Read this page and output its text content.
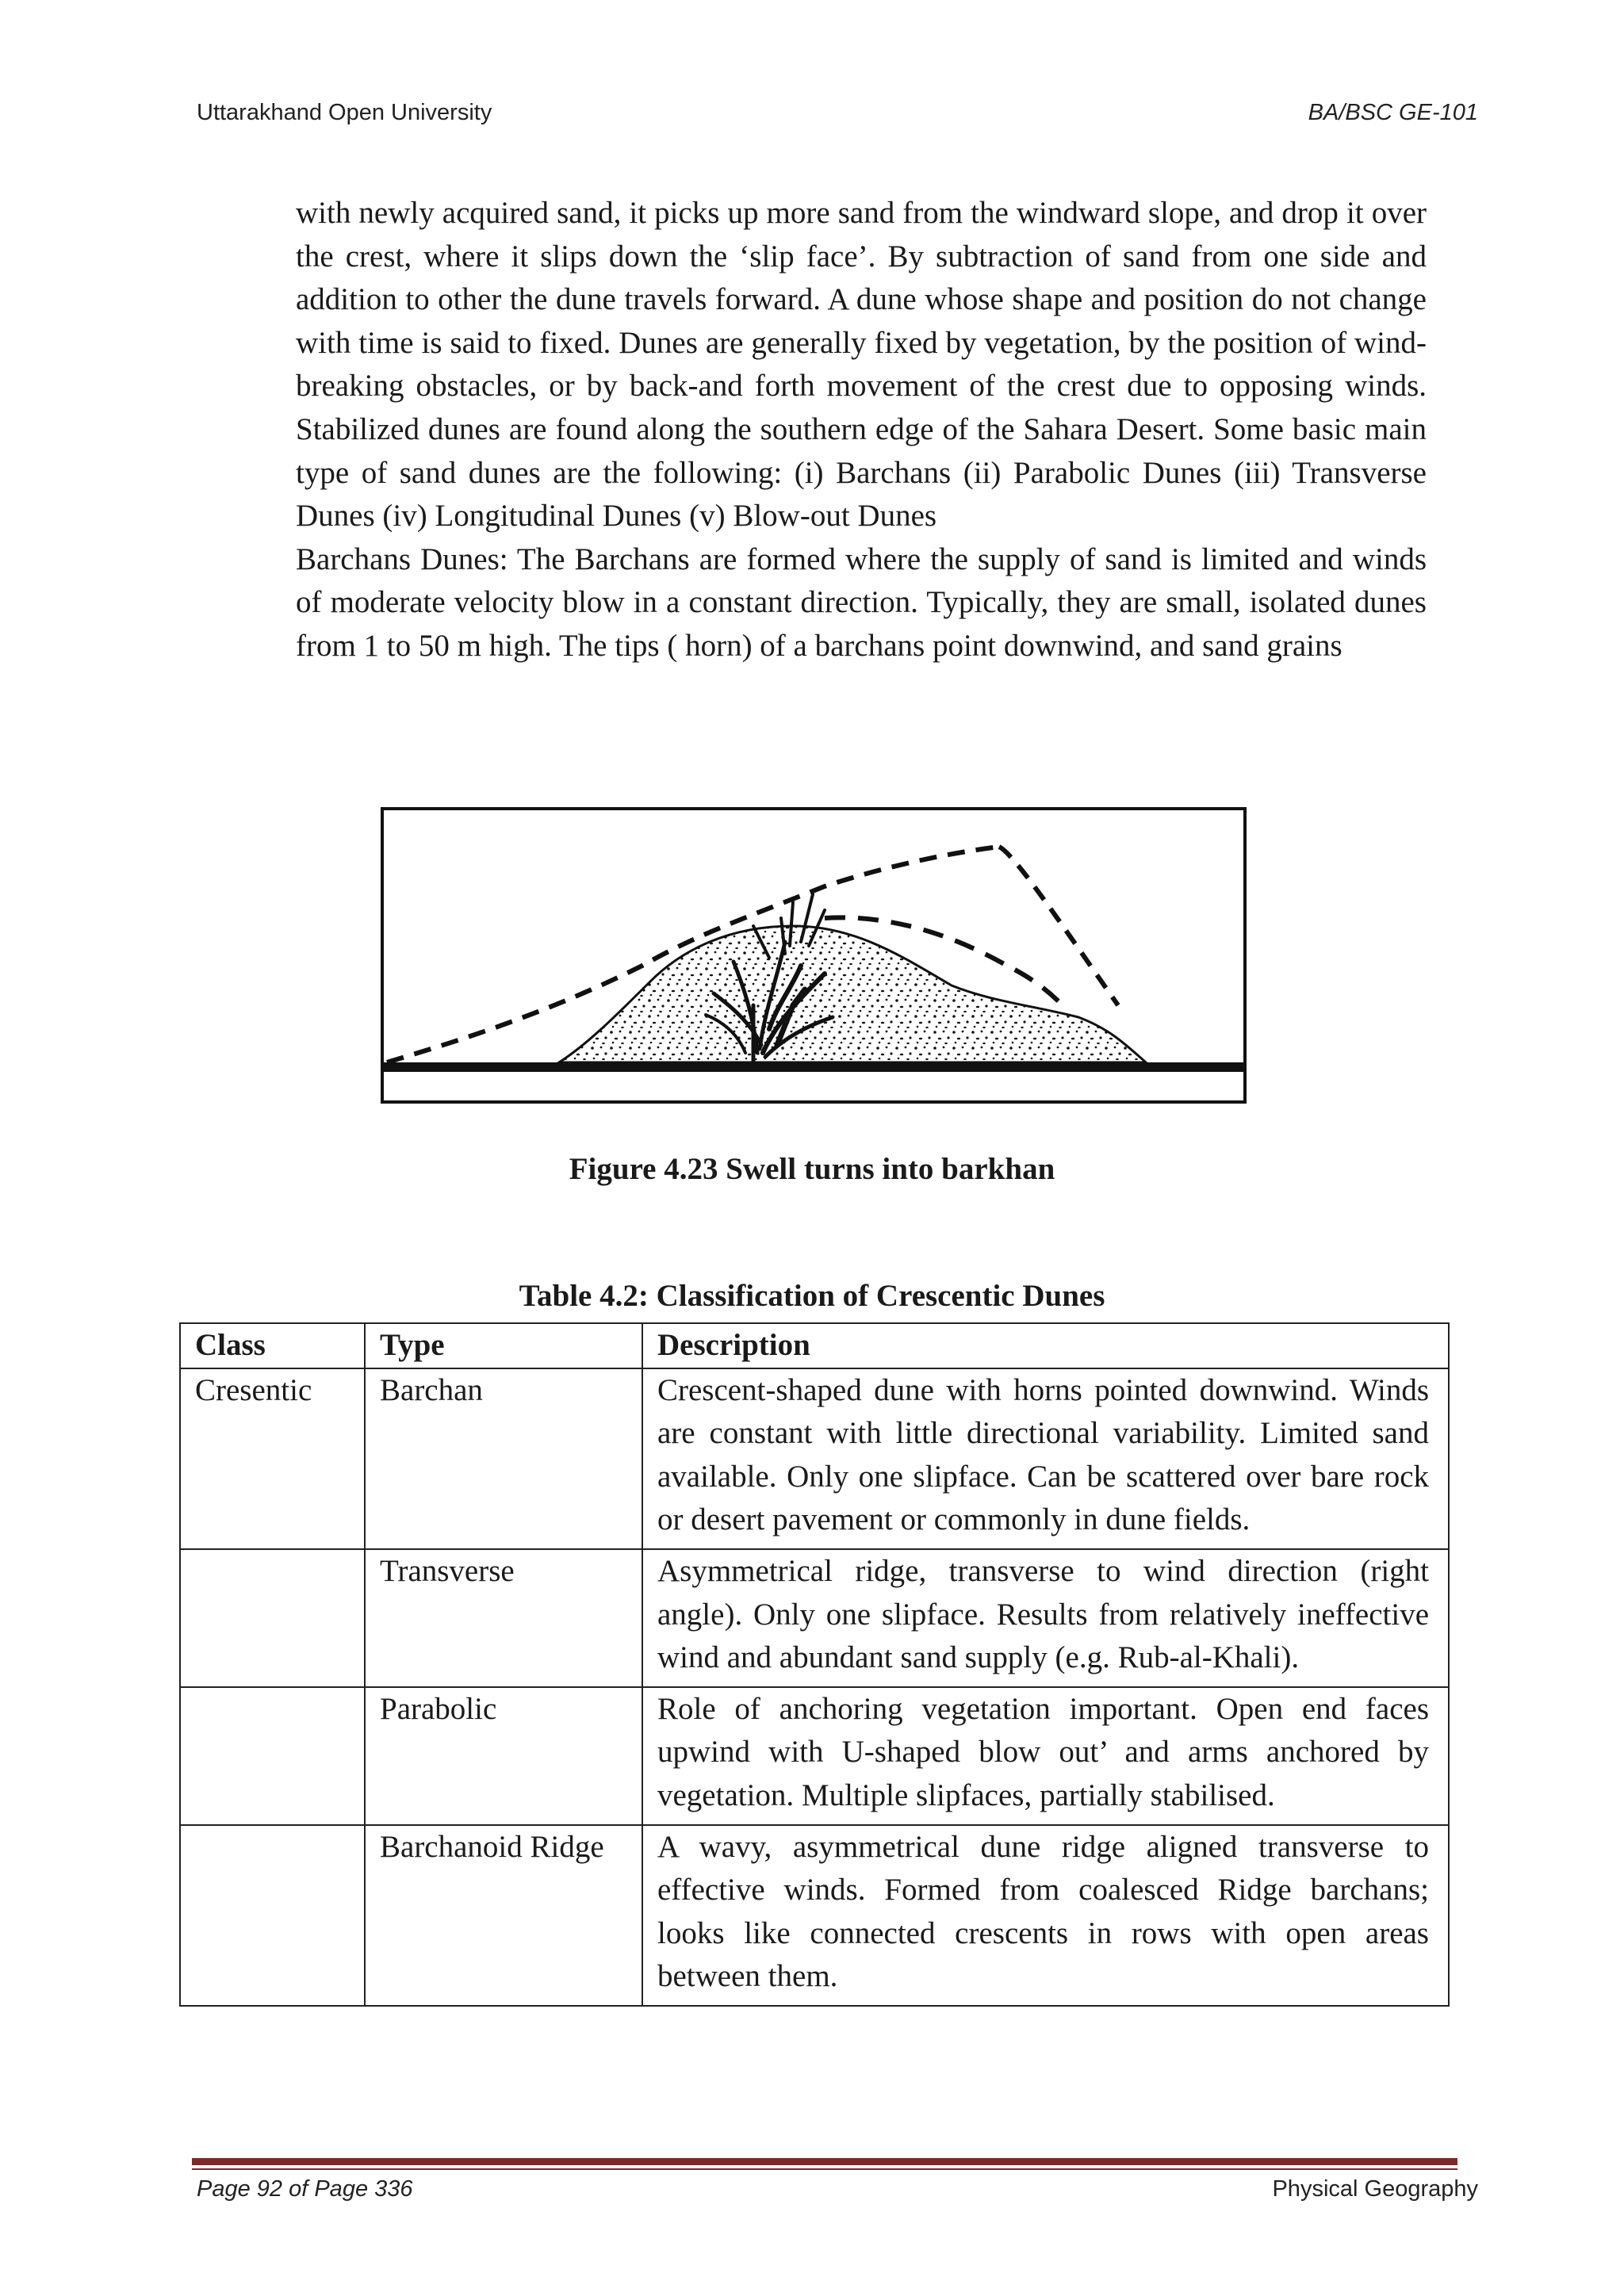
Uttarakhand Open University	BA/BSC GE-101

with newly acquired sand, it picks up more sand from the windward slope, and drop it over the crest, where it slips down the ‘slip face’. By subtraction of sand from one side and addition to other the dune travels forward. A dune whose shape and position do not change with time is said to fixed. Dunes are generally fixed by vegetation, by the position of wind-breaking obstacles, or by back-and forth movement of the crest due to opposing winds. Stabilized dunes are found along the southern edge of the Sahara Desert. Some basic main type of sand dunes are the following: (i) Barchans (ii) Parabolic Dunes (iii) Transverse Dunes (iv) Longitudinal Dunes (v) Blow-out Dunes

Barchans Dunes: The Barchans are formed where the supply of sand is limited and winds of moderate velocity blow in a constant direction. Typically, they are small, isolated dunes from 1 to 50 m high. The tips ( horn) of a barchans point downwind, and sand grains

Figure 4.23 Swell turns into barkhan
Table 4.2: Classification of Crescentic Dunes
Class	Type	Description
Cresentic	Barchan	Crescent-shaped dune with horns pointed downwind. Winds are constant with little directional variability. Limited sand available. Only one slipface. Can be scattered over bare rock or desert pavement or commonly in dune fields.
	Transverse	Asymmetrical ridge, transverse to wind direction (right angle). Only one slipface. Results from relatively ineffective wind and abundant sand supply (e.g. Rub-al-Khali).
	Parabolic	Role of anchoring vegetation important. Open end faces upwind with U-shaped blow out’ and arms anchored by vegetation. Multiple slipfaces, partially stabilised.
	Barchanoid Ridge	A wavy, asymmetrical dune ridge aligned transverse to effective winds. Formed from coalesced Ridge barchans; looks like connected crescents in rows with open areas between them.
Page 92 of Page 336	Physical Geography
